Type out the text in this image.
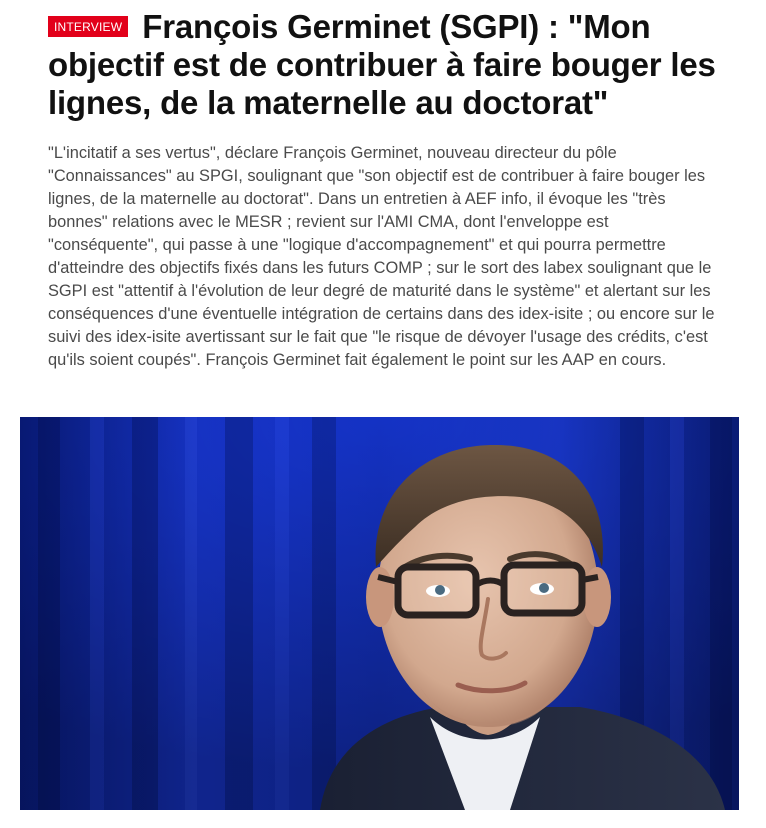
INTERVIEW François Germinet (SGPI) : "Mon objectif est de contribuer à faire bouger les lignes, de la maternelle au doctorat"

"L'incitatif a ses vertus", déclare François Germinet, nouveau directeur du pôle "Connaissances" au SPGI, soulignant que "son objectif est de contribuer à faire bouger les lignes, de la maternelle au doctorat". Dans un entretien à AEF info, il évoque les "très bonnes" relations avec le MESR ; revient sur l'AMI CMA, dont l'enveloppe est "conséquente", qui passe à une "logique d'accompagnement" et qui pourra permettre d'atteindre des objectifs fixés dans les futurs COMP ; sur le sort des labex soulignant que le SGPI est "attentif à l'évolution de leur degré de maturité dans le système" et alertant sur les conséquences d'une éventuelle intégration de certains dans des idex-isite ; ou encore sur le suivi des idex-isite avertissant sur le fait que "le risque de dévoyer l'usage des crédits, c'est qu'ils soient coupés". François Germinet fait également le point sur les AAP en cours.
